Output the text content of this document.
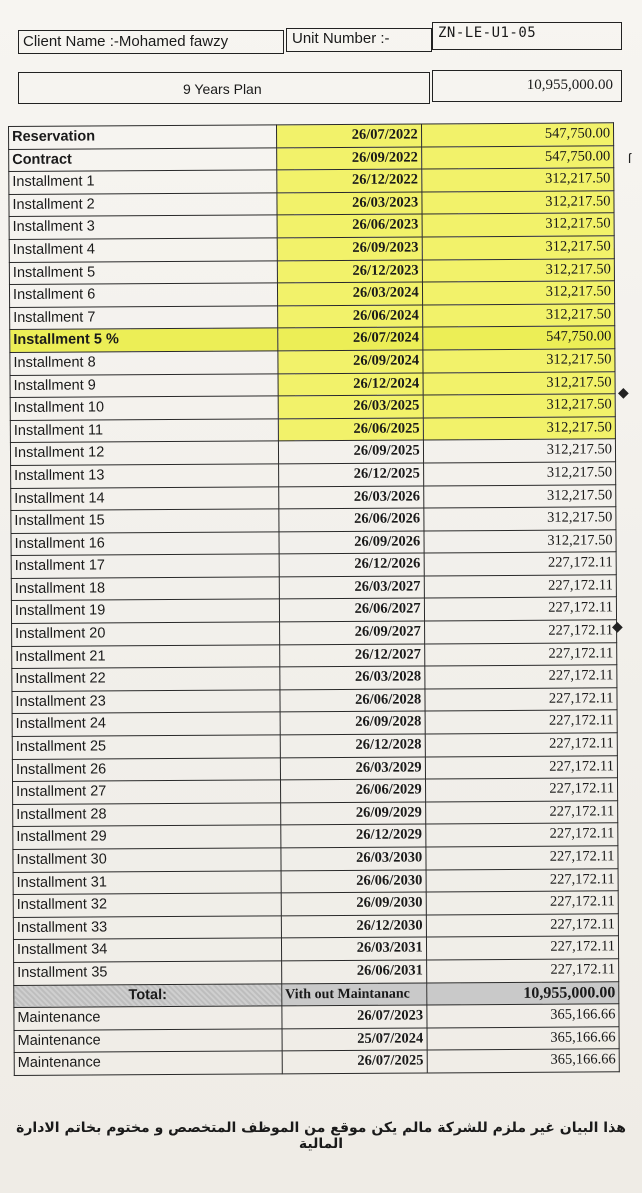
Client Name :-Mohamed fawzy	Unit Number :-	ZN-LE-U1-05
9 Years Plan	10,955,000.00
Reservation	26/07/2022	547,750.00
Contract	26/09/2022	547,750.00
Installment 1	26/12/2022	312,217.50
Installment 2	26/03/2023	312,217.50
Installment 3	26/06/2023	312,217.50
Installment 4	26/09/2023	312,217.50
Installment 5	26/12/2023	312,217.50
Installment 6	26/03/2024	312,217.50
Installment 7	26/06/2024	312,217.50
Installment 5 %	26/07/2024	547,750.00
Installment 8	26/09/2024	312,217.50
Installment 9	26/12/2024	312,217.50
Installment 10	26/03/2025	312,217.50
Installment 11	26/06/2025	312,217.50
Installment 12	26/09/2025	312,217.50
Installment 13	26/12/2025	312,217.50
Installment 14	26/03/2026	312,217.50
Installment 15	26/06/2026	312,217.50
Installment 16	26/09/2026	312,217.50
Installment 17	26/12/2026	227,172.11
Installment 18	26/03/2027	227,172.11
Installment 19	26/06/2027	227,172.11
Installment 20	26/09/2027	227,172.11
Installment 21	26/12/2027	227,172.11
Installment 22	26/03/2028	227,172.11
Installment 23	26/06/2028	227,172.11
Installment 24	26/09/2028	227,172.11
Installment 25	26/12/2028	227,172.11
Installment 26	26/03/2029	227,172.11
Installment 27	26/06/2029	227,172.11
Installment 28	26/09/2029	227,172.11
Installment 29	26/12/2029	227,172.11
Installment 30	26/03/2030	227,172.11
Installment 31	26/06/2030	227,172.11
Installment 32	26/09/2030	227,172.11
Installment 33	26/12/2030	227,172.11
Installment 34	26/03/2031	227,172.11
Installment 35	26/06/2031	227,172.11
Total:	Vith out Maintananc	10,955,000.00
Maintenance	26/07/2023	365,166.66
Maintenance	25/07/2024	365,166.66
Maintenance	26/07/2025	365,166.66
ſ
◆
◆
هذا البيان غير ملزم للشركة مالم يكن موقع من الموظف المتخصص و مختوم بخاتم الادارة المالية
